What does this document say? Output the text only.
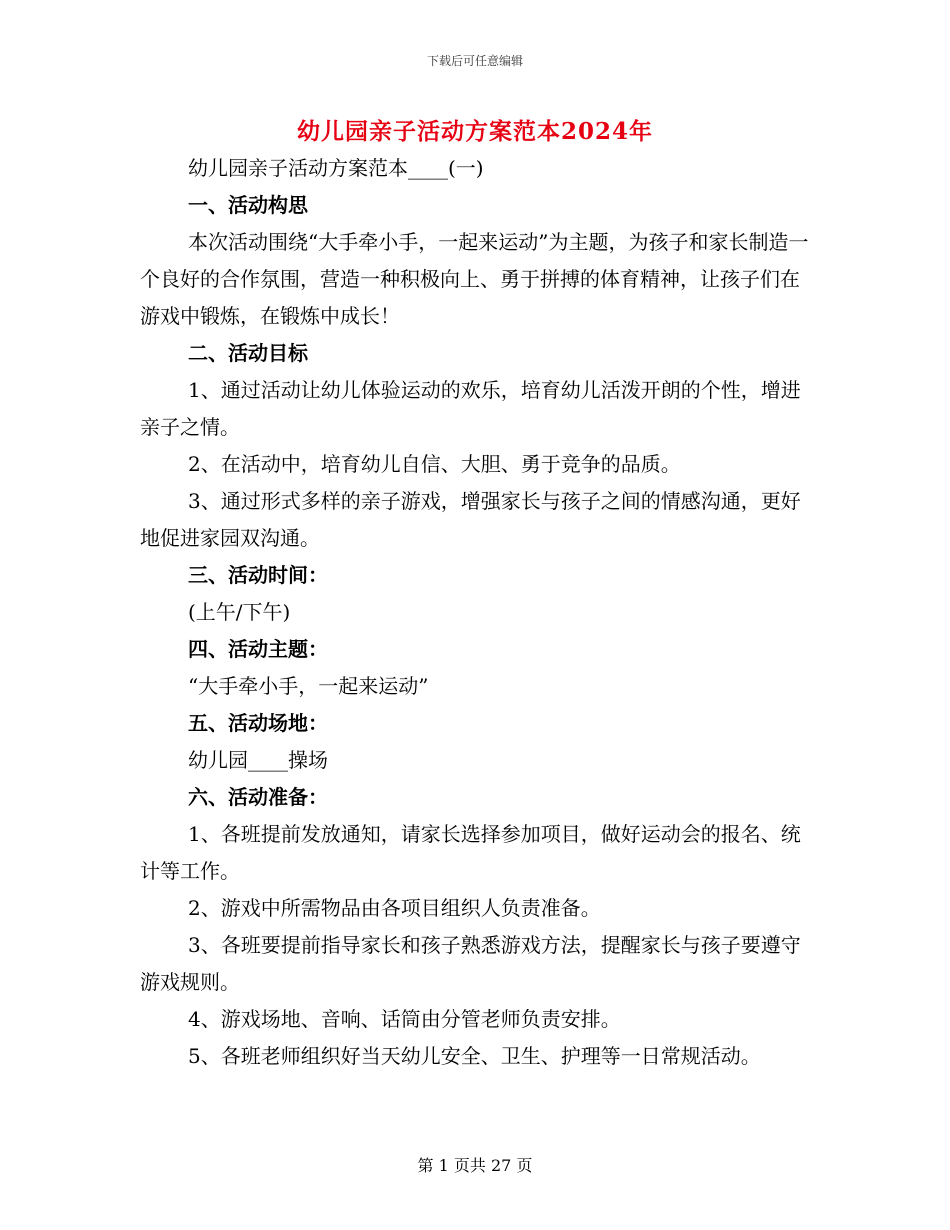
下载后可任意编辑
幼儿园亲子活动方案范本2024年

幼儿园亲子活动方案范本____(一)

一、活动构思

本次活动围绕“大手牵小手，一起来运动”为主题，为孩子和家长制造一个良好的合作氛围，营造一种积极向上、勇于拼搏的体育精神，让孩子们在游戏中锻炼，在锻炼中成长！

二、活动目标

1、通过活动让幼儿体验运动的欢乐，培育幼儿活泼开朗的个性，增进亲子之情。

2、在活动中，培育幼儿自信、大胆、勇于竞争的品质。

3、通过形式多样的亲子游戏，增强家长与孩子之间的情感沟通，更好地促进家园双沟通。

三、活动时间：

(上午/下午)

四、活动主题：

“大手牵小手，一起来运动”

五、活动场地：

幼儿园____操场

六、活动准备：

1、各班提前发放通知，请家长选择参加项目，做好运动会的报名、统计等工作。

2、游戏中所需物品由各项目组织人负责准备。

3、各班要提前指导家长和孩子熟悉游戏方法，提醒家长与孩子要遵守游戏规则。

4、游戏场地、音响、话筒由分管老师负责安排。

5、各班老师组织好当天幼儿安全、卫生、护理等一日常规活动。

第 1 页共 27 页
